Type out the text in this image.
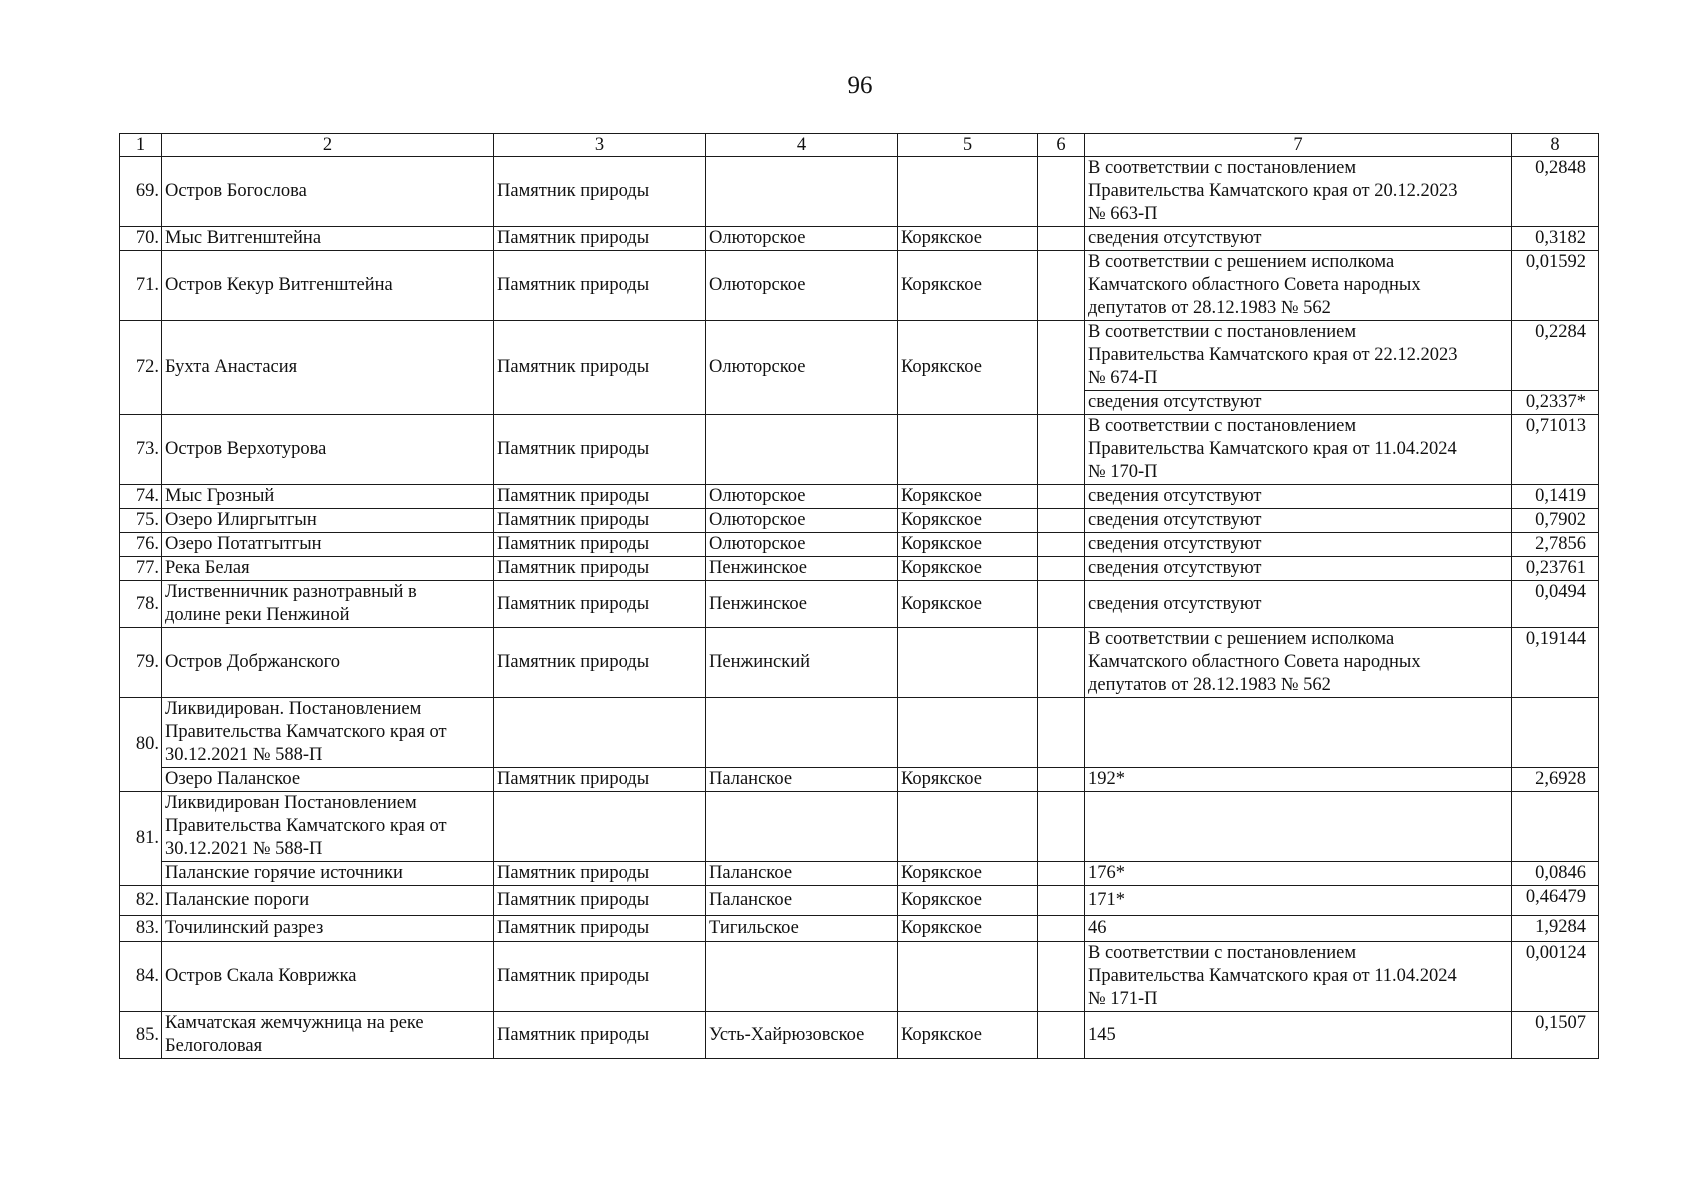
96
1	2	3	4	5	6	7	8
69.	Остров Богослова	Памятник природы				В соответствии с постановлением
Правительства Камчатского края от 20.12.2023
№ 663-П	0,2848
70.	Мыс Витгенштейна	Памятник природы	Олюторское	Корякское		сведения отсутствуют	0,3182
71.	Остров Кекур Витгенштейна	Памятник природы	Олюторское	Корякское		В соответствии с решением исполкома
Камчатского областного Совета народных
депутатов от 28.12.1983 № 562	0,01592
72.	Бухта Анастасия	Памятник природы	Олюторское	Корякское		В соответствии с постановлением
Правительства Камчатского края от 22.12.2023
№ 674-П	0,2284
						сведения отсутствуют	0,2337*
73.	Остров Верхотурова	Памятник природы				В соответствии с постановлением
Правительства Камчатского края от 11.04.2024
№ 170-П	0,71013
74.	Мыс Грозный	Памятник природы	Олюторское	Корякское		сведения отсутствуют	0,1419
75.	Озеро Илиргытгын	Памятник природы	Олюторское	Корякское		сведения отсутствуют	0,7902
76.	Озеро Потатгытгын	Памятник природы	Олюторское	Корякское		сведения отсутствуют	2,7856
77.	Река Белая	Памятник природы	Пенжинское	Корякское		сведения отсутствуют	0,23761
78.	Лиственничник разнотравный в
долине реки Пенжиной	Памятник природы	Пенжинское	Корякское		сведения отсутствуют	0,0494
79.	Остров Добржанского	Памятник природы	Пенжинский			В соответствии с решением исполкома
Камчатского областного Совета народных
депутатов от 28.12.1983 № 562	0,19144
80.	Ликвидирован. Постановлением
Правительства Камчатского края от
30.12.2021 № 588-П						
	Озеро Паланское	Памятник природы	Паланское	Корякское		192*	2,6928
81.	Ликвидирован Постановлением
Правительства Камчатского края от
30.12.2021 № 588-П						
	Паланские горячие источники	Памятник природы	Паланское	Корякское		176*	0,0846
82.	Паланские пороги	Памятник природы	Паланское	Корякское		171*	0,46479
83.	Точилинский разрез	Памятник природы	Тигильское	Корякское		46	1,9284
84.	Остров Скала Коврижка	Памятник природы				В соответствии с постановлением
Правительства Камчатского края от 11.04.2024
№ 171-П	0,00124
85.	Камчатская жемчужница на реке
Белоголовая	Памятник природы	Усть-Хайрюзовское	Корякское		145	0,1507
